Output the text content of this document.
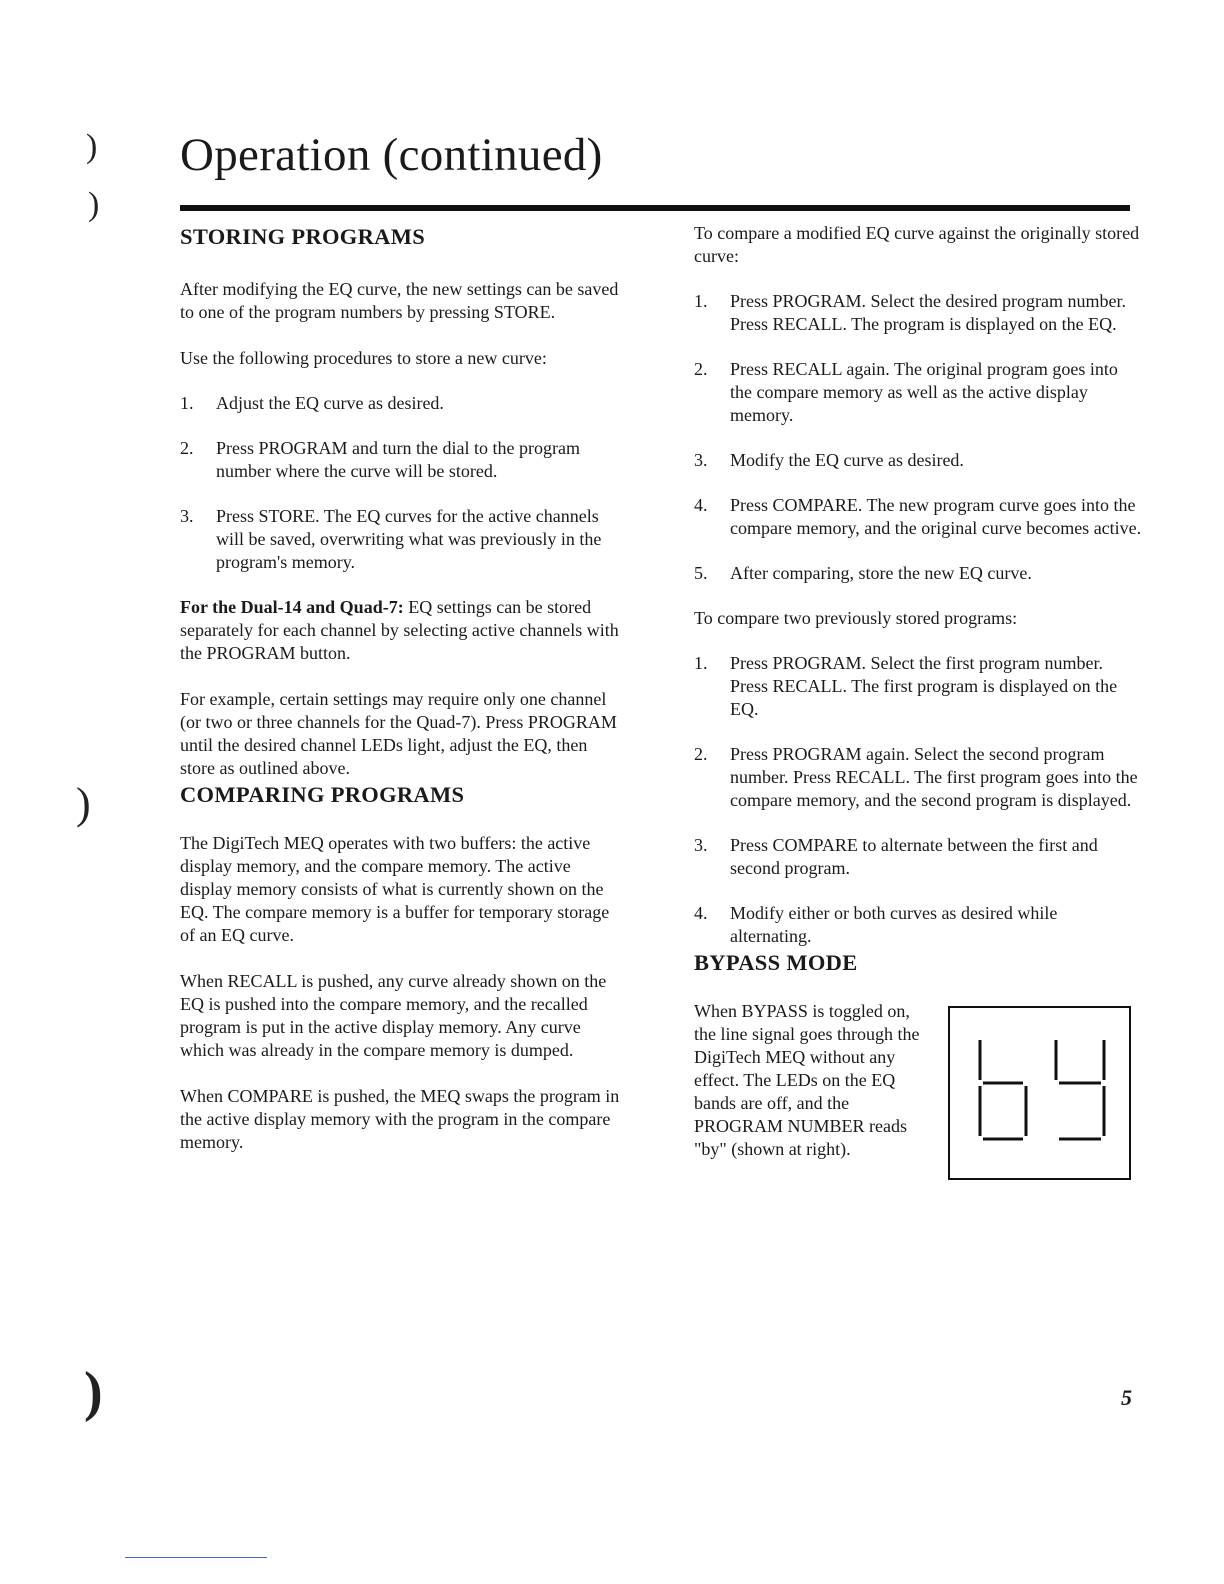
Operation (continued)
)
)
)
)
STORING PROGRAMS

After modifying the EQ curve, the new settings can be saved to one of the program numbers by pressing STORE.

Use the following procedures to store a new curve:

1. Adjust the EQ curve as desired.
2. Press PROGRAM and turn the dial to the program number where the curve will be stored.
3. Press STORE. The EQ curves for the active channels will be saved, overwriting what was previously in the program's memory.

For the Dual-14 and Quad-7: EQ settings can be stored separately for each channel by selecting active channels with the PROGRAM button.

For example, certain settings may require only one channel (or two or three channels for the Quad-7). Press PROGRAM until the desired channel LEDs light, adjust the EQ, then store as outlined above.

COMPARING PROGRAMS

The DigiTech MEQ operates with two buffers: the active display memory, and the compare memory. The active display memory consists of what is currently shown on the EQ. The compare memory is a buffer for temporary storage of an EQ curve.

When RECALL is pushed, any curve already shown on the EQ is pushed into the compare memory, and the recalled program is put in the active display memory. Any curve which was already in the compare memory is dumped.

When COMPARE is pushed, the MEQ swaps the program in the active display memory with the program in the compare memory.

To compare a modified EQ curve against the originally stored curve:

1. Press PROGRAM. Select the desired program number. Press RECALL. The program is displayed on the EQ.
2. Press RECALL again. The original program goes into the compare memory as well as the active display memory.
3. Modify the EQ curve as desired.
4. Press COMPARE. The new program curve goes into the compare memory, and the original curve becomes active.
5. After comparing, store the new EQ curve.

To compare two previously stored programs:

1. Press PROGRAM. Select the first program number. Press RECALL. The first program is displayed on the EQ.
2. Press PROGRAM again. Select the second program number. Press RECALL. The first program goes into the compare memory, and the second program is displayed.
3. Press COMPARE to alternate between the first and second program.
4. Modify either or both curves as desired while alternating.
BYPASS MODE

When BYPASS is toggled on, the line signal goes through the DigiTech MEQ without any effect. The LEDs on the EQ bands are off, and the PROGRAM NUMBER reads "by" (shown at right).

5
